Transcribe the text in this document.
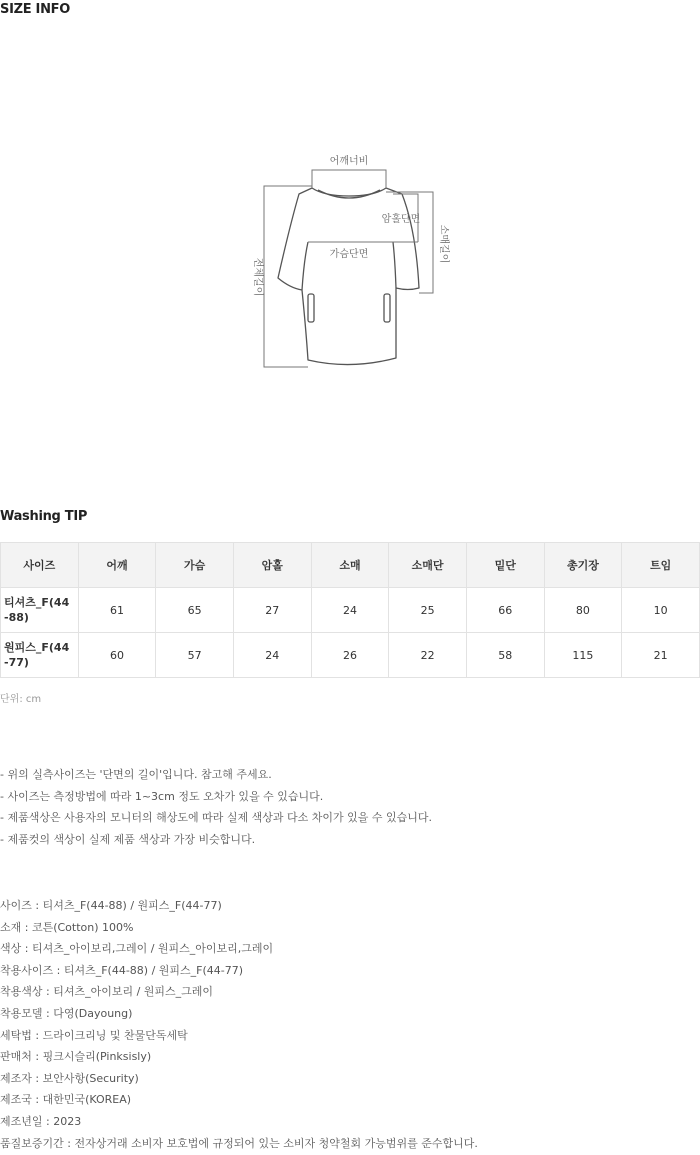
SIZE INFO
어깨너비
암홀단면
가슴단면	소매길이
전체길이
Washing TIP
사이즈	어깨	가슴	암홀	소매	소매단	밑단	총기장	트임
티셔츠_F(44-88)	61	65	27	24	25	66	80	10
원피스_F(44-77)	60	57	24	26	22	58	115	21
단위: cm
- 위의 실측사이즈는 '단면의 길이'입니다. 참고해 주세요.
- 사이즈는 측정방법에 따라 1~3cm 정도 오차가 있을 수 있습니다.
- 제품색상은 사용자의 모니터의 해상도에 따라 실제 색상과 다소 차이가 있을 수 있습니다.
- 제품컷의 색상이 실제 제품 색상과 가장 비슷합니다.
사이즈 : 티셔츠_F(44-88) / 원피스_F(44-77)
소재 : 코튼(Cotton) 100%
색상 : 티셔츠_아이보리,그레이 / 원피스_아이보리,그레이
착용사이즈 : 티셔츠_F(44-88) / 원피스_F(44-77)
착용색상 : 티셔츠_아이보리 / 원피스_그레이
착용모델 : 다영(Dayoung)
세탁법 : 드라이크리닝 및 찬물단독세탁
판매처 : 핑크시슬리(Pinksisly)
제조자 : 보안사항(Security)
제조국 : 대한민국(KOREA)
제조년일 : 2023
품질보증기간 : 전자상거래 소비자 보호법에 규정되어 있는 소비자 청약철회 가능범위를 준수합니다.
